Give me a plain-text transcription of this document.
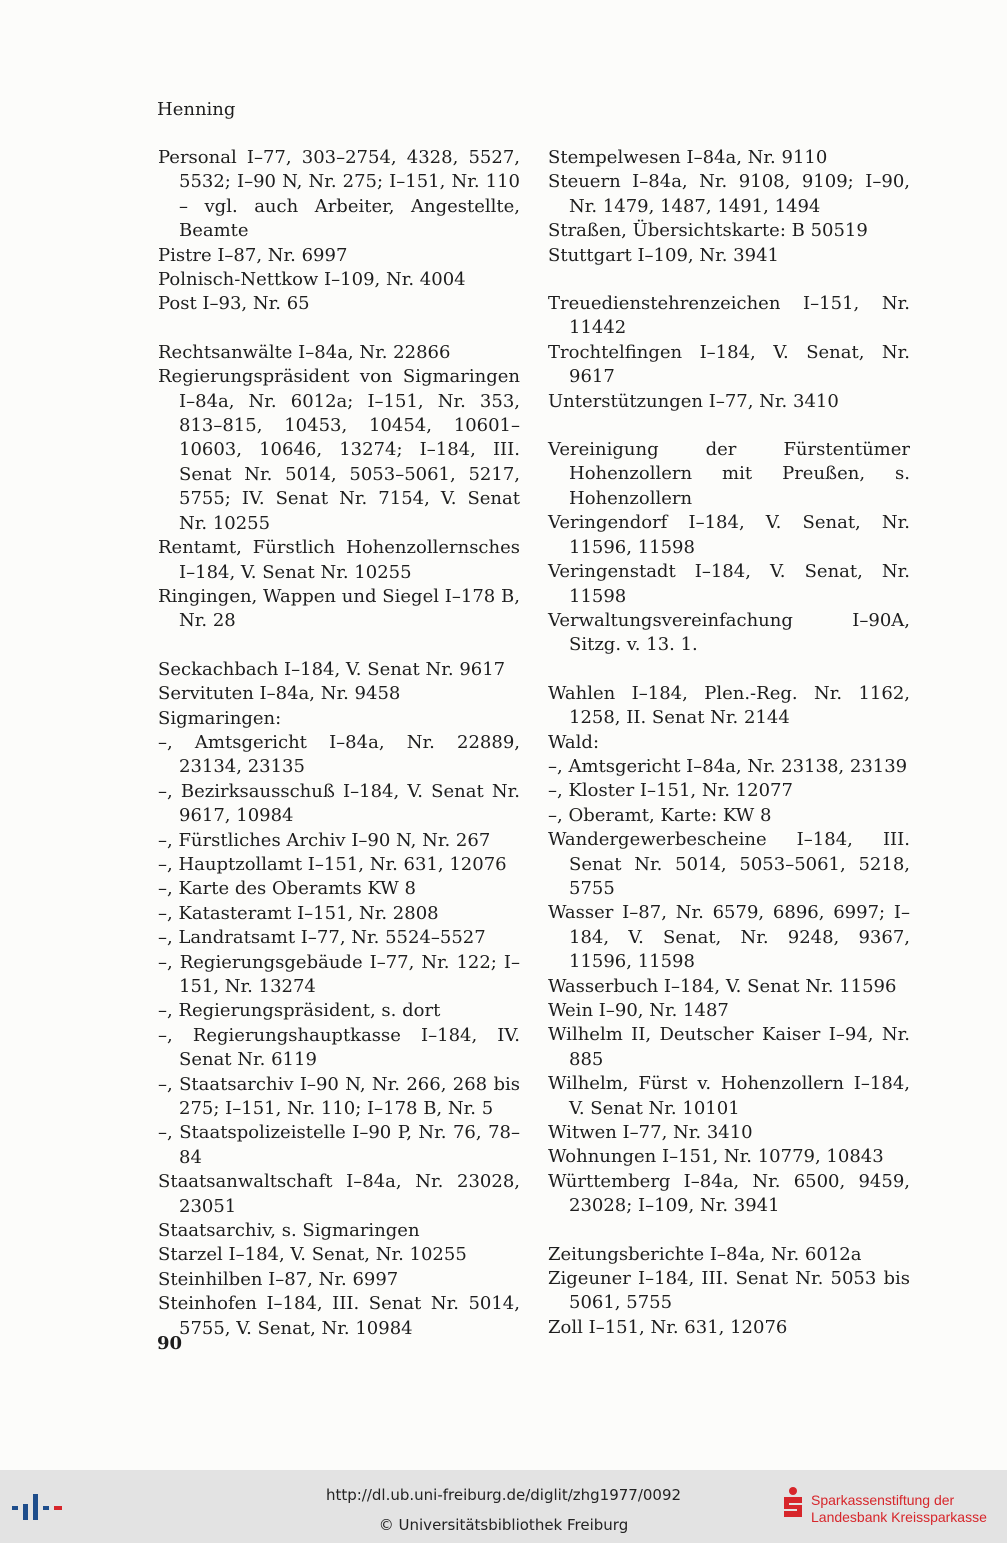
Henning
Personal I–77, 303–2754, 4328, 5527, 5532; I–90 N, Nr. 275; I–151, Nr. 110 – vgl. auch Arbeiter, Angestellte, Beamte
Pistre I–87, Nr. 6997
Polnisch-Nettkow I–109, Nr. 4004
Post I–93, Nr. 65
Rechtsanwälte I–84a, Nr. 22866
Regierungspräsident von Sigmaringen I–84a, Nr. 6012a; I–151, Nr. 353, 813–815, 10453, 10454, 10601–10603, 10646, 13274; I–184, III. Senat Nr. 5014, 5053–5061, 5217, 5755; IV. Senat Nr. 7154, V. Senat Nr. 10255
Rentamt, Fürstlich Hohenzollernsches I–184, V. Senat Nr. 10255
Ringingen, Wappen und Siegel I–178 B, Nr. 28
Seckachbach I–184, V. Senat Nr. 9617
Servituten I–84a, Nr. 9458
Sigmaringen:
–, Amtsgericht I–84a, Nr. 22889, 23134, 23135
–, Bezirksausschuß I–184, V. Senat Nr. 9617, 10984
–, Fürstliches Archiv I–90 N, Nr. 267
–, Hauptzollamt I–151, Nr. 631, 12076
–, Karte des Oberamts KW 8
–, Katasteramt I–151, Nr. 2808
–, Landratsamt I–77, Nr. 5524–5527
–, Regierungsgebäude I–77, Nr. 122; I–151, Nr. 13274
–, Regierungspräsident, s. dort
–, Regierungshauptkasse I–184, IV. Senat Nr. 6119
–, Staatsarchiv I–90 N, Nr. 266, 268 bis 275; I–151, Nr. 110; I–178 B, Nr. 5
–, Staatspolizeistelle I–90 P, Nr. 76, 78–84
Staatsanwaltschaft I–84a, Nr. 23028, 23051
Staatsarchiv, s. Sigmaringen
Starzel I–184, V. Senat, Nr. 10255
Steinhilben I–87, Nr. 6997
Steinhofen I–184, III. Senat Nr. 5014, 5755, V. Senat, Nr. 10984
Stempelwesen I–84a, Nr. 9110
Steuern I–84a, Nr. 9108, 9109; I–90, Nr. 1479, 1487, 1491, 1494
Straßen, Übersichtskarte: B 50519
Stuttgart I–109, Nr. 3941
Treuedienstehrenzeichen I–151, Nr. 11442
Trochtelfingen I–184, V. Senat, Nr. 9617
Unterstützungen I–77, Nr. 3410
Vereinigung der Fürstentümer Hohenzollern mit Preußen, s. Hohenzollern
Veringendorf I–184, V. Senat, Nr. 11596, 11598
Veringenstadt I–184, V. Senat, Nr. 11598
Verwaltungsvereinfachung I–90A, Sitzg. v. 13. 1.
Wahlen I–184, Plen.-Reg. Nr. 1162, 1258, II. Senat Nr. 2144
Wald:
–, Amtsgericht I–84a, Nr. 23138, 23139
–, Kloster I–151, Nr. 12077
–, Oberamt, Karte: KW 8
Wandergewerbescheine I–184, III. Senat Nr. 5014, 5053–5061, 5218, 5755
Wasser I–87, Nr. 6579, 6896, 6997; I–184, V. Senat, Nr. 9248, 9367, 11596, 11598
Wasserbuch I–184, V. Senat Nr. 11596
Wein I–90, Nr. 1487
Wilhelm II, Deutscher Kaiser I–94, Nr. 885
Wilhelm, Fürst v. Hohenzollern I–184, V. Senat Nr. 10101
Witwen I–77, Nr. 3410
Wohnungen I–151, Nr. 10779, 10843
Württemberg I–84a, Nr. 6500, 9459, 23028; I–109, Nr. 3941
Zeitungsberichte I–84a, Nr. 6012a
Zigeuner I–184, III. Senat Nr. 5053 bis 5061, 5755
Zoll I–151, Nr. 631, 12076
90
http://dl.ub.uni-freiburg.de/diglit/zhg1977/0092
© Universitätsbibliothek Freiburg
Sparkassenstiftung der
Landesbank Kreissparkasse
